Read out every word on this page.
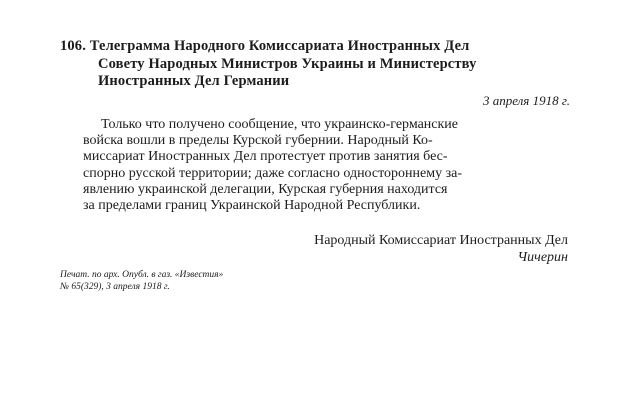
106. Телеграмма Народного Комиссариата Иностранных Дел
Совету Народных Министров Украины и Министерству
Иностранных Дел Германии
3 апреля 1918 г.

Только что получено сообщение, что украинско-германские
войска вошли в пределы Курской губернии. Народный Ко-
миссариат Иностранных Дел протестует против занятия бес-
спорно русской территории; даже согласно одностороннему за-
явлению украинской делегации, Курская губерния находится
за пределами границ Украинской Народной Республики.

Народный Комиссариат Иностранных Дел
Чичерин

Печат. по арх. Опубл. в газ. «Известия»
№ 65(329), 3 апреля 1918 г.
